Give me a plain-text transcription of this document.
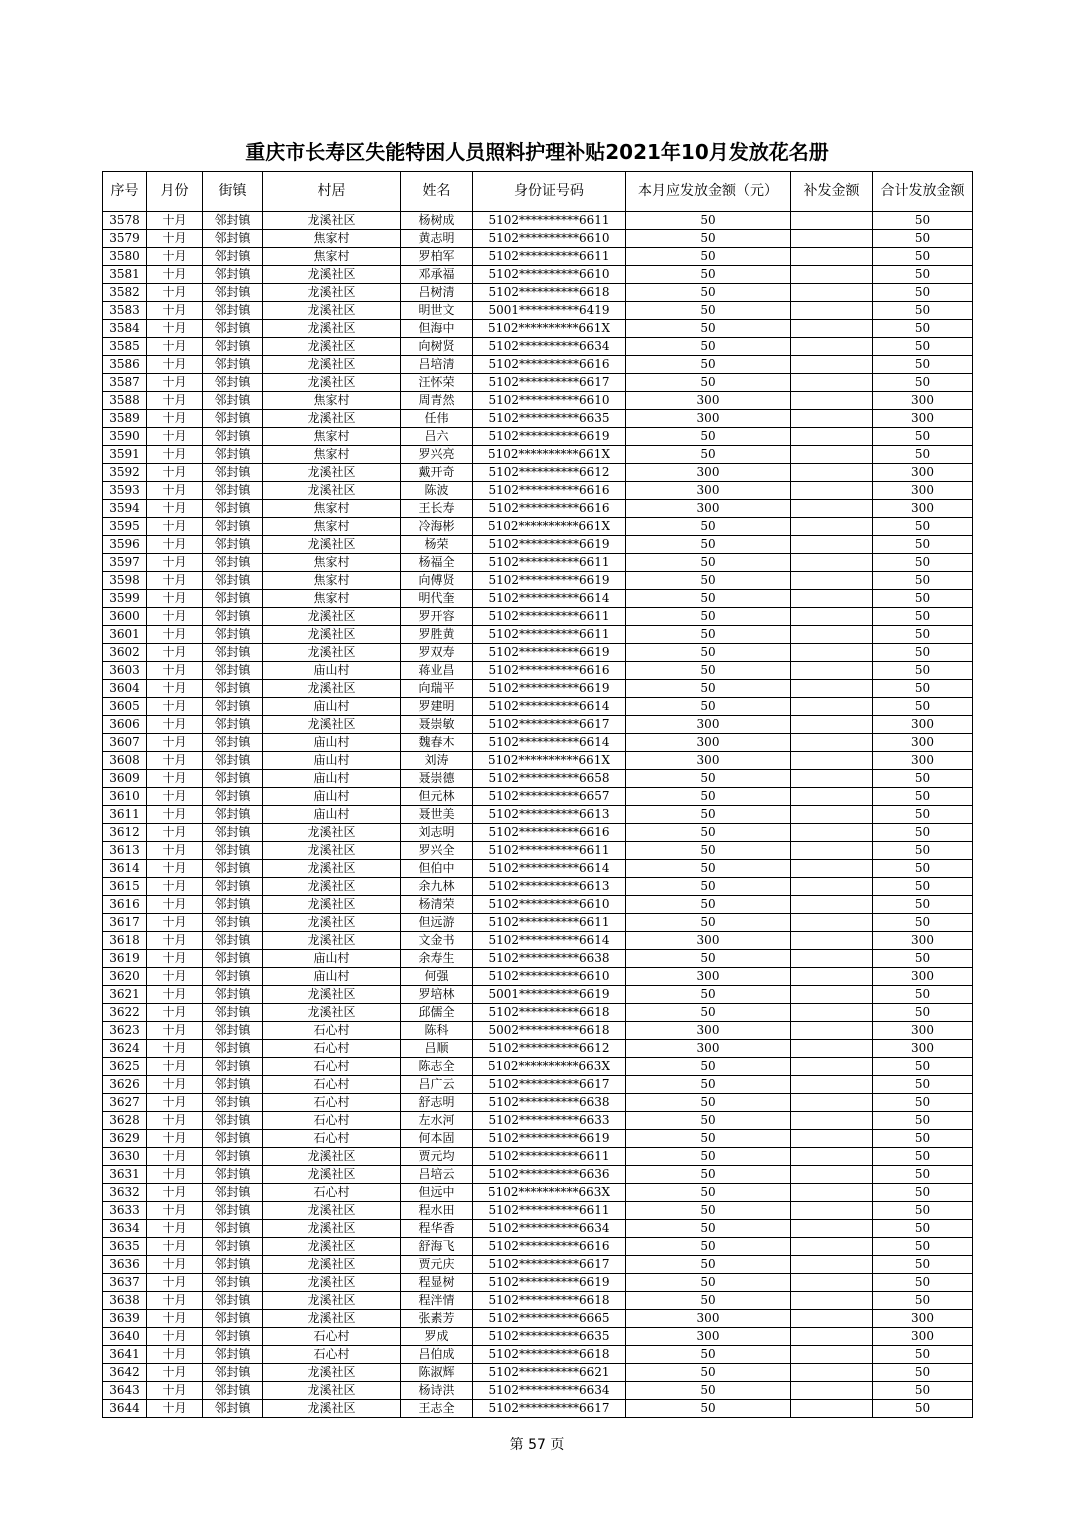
重庆市长寿区失能特困人员照料护理补贴2021年10月发放花名册
序号	月份	街镇	村居	姓名	身份证号码	本月应发放金额（元）	补发金额	合计发放金额
3578	十月	邻封镇	龙溪社区	杨树成	5102**********6611	50		50
3579	十月	邻封镇	焦家村	黄志明	5102**********6610	50		50
3580	十月	邻封镇	焦家村	罗柏军	5102**********6611	50		50
3581	十月	邻封镇	龙溪社区	邓承福	5102**********6610	50		50
3582	十月	邻封镇	龙溪社区	吕树清	5102**********6618	50		50
3583	十月	邻封镇	龙溪社区	明世文	5001**********6419	50		50
3584	十月	邻封镇	龙溪社区	但海中	5102**********661X	50		50
3585	十月	邻封镇	龙溪社区	向树贤	5102**********6634	50		50
3586	十月	邻封镇	龙溪社区	吕培清	5102**********6616	50		50
3587	十月	邻封镇	龙溪社区	汪怀荣	5102**********6617	50		50
3588	十月	邻封镇	焦家村	周青然	5102**********6610	300		300
3589	十月	邻封镇	龙溪社区	任伟	5102**********6635	300		300
3590	十月	邻封镇	焦家村	吕六	5102**********6619	50		50
3591	十月	邻封镇	焦家村	罗兴亮	5102**********661X	50		50
3592	十月	邻封镇	龙溪社区	戴开奇	5102**********6612	300		300
3593	十月	邻封镇	龙溪社区	陈波	5102**********6616	300		300
3594	十月	邻封镇	焦家村	王长寿	5102**********6616	300		300
3595	十月	邻封镇	焦家村	冷海彬	5102**********661X	50		50
3596	十月	邻封镇	龙溪社区	杨荣	5102**********6619	50		50
3597	十月	邻封镇	焦家村	杨福全	5102**********6611	50		50
3598	十月	邻封镇	焦家村	向傅贤	5102**********6619	50		50
3599	十月	邻封镇	焦家村	明代奎	5102**********6614	50		50
3600	十月	邻封镇	龙溪社区	罗开容	5102**********6611	50		50
3601	十月	邻封镇	龙溪社区	罗胜黄	5102**********6611	50		50
3602	十月	邻封镇	龙溪社区	罗双寿	5102**********6619	50		50
3603	十月	邻封镇	庙山村	蒋业昌	5102**********6616	50		50
3604	十月	邻封镇	龙溪社区	向瑞平	5102**********6619	50		50
3605	十月	邻封镇	庙山村	罗建明	5102**********6614	50		50
3606	十月	邻封镇	龙溪社区	聂崇敏	5102**********6617	300		300
3607	十月	邻封镇	庙山村	魏春木	5102**********6614	300		300
3608	十月	邻封镇	庙山村	刘涛	5102**********661X	300		300
3609	十月	邻封镇	庙山村	聂崇德	5102**********6658	50		50
3610	十月	邻封镇	庙山村	但元林	5102**********6657	50		50
3611	十月	邻封镇	庙山村	聂世美	5102**********6613	50		50
3612	十月	邻封镇	龙溪社区	刘志明	5102**********6616	50		50
3613	十月	邻封镇	龙溪社区	罗兴全	5102**********6611	50		50
3614	十月	邻封镇	龙溪社区	但伯中	5102**********6614	50		50
3615	十月	邻封镇	龙溪社区	余九林	5102**********6613	50		50
3616	十月	邻封镇	龙溪社区	杨清荣	5102**********6610	50		50
3617	十月	邻封镇	龙溪社区	但远游	5102**********6611	50		50
3618	十月	邻封镇	龙溪社区	文金书	5102**********6614	300		300
3619	十月	邻封镇	庙山村	余寿生	5102**********6638	50		50
3620	十月	邻封镇	庙山村	何强	5102**********6610	300		300
3621	十月	邻封镇	龙溪社区	罗培林	5001**********6619	50		50
3622	十月	邻封镇	龙溪社区	邱儒全	5102**********6618	50		50
3623	十月	邻封镇	石心村	陈科	5002**********6618	300		300
3624	十月	邻封镇	石心村	吕顺	5102**********6612	300		300
3625	十月	邻封镇	石心村	陈志全	5102**********663X	50		50
3626	十月	邻封镇	石心村	吕广云	5102**********6617	50		50
3627	十月	邻封镇	石心村	舒志明	5102**********6638	50		50
3628	十月	邻封镇	石心村	左水河	5102**********6633	50		50
3629	十月	邻封镇	石心村	何本固	5102**********6619	50		50
3630	十月	邻封镇	龙溪社区	贾元均	5102**********6611	50		50
3631	十月	邻封镇	龙溪社区	吕培云	5102**********6636	50		50
3632	十月	邻封镇	石心村	但远中	5102**********663X	50		50
3633	十月	邻封镇	龙溪社区	程水田	5102**********6611	50		50
3634	十月	邻封镇	龙溪社区	程华香	5102**********6634	50		50
3635	十月	邻封镇	龙溪社区	舒海飞	5102**********6616	50		50
3636	十月	邻封镇	龙溪社区	贾元庆	5102**********6617	50		50
3637	十月	邻封镇	龙溪社区	程显树	5102**********6619	50		50
3638	十月	邻封镇	龙溪社区	程泮情	5102**********6618	50		50
3639	十月	邻封镇	龙溪社区	张素芳	5102**********6665	300		300
3640	十月	邻封镇	石心村	罗成	5102**********6635	300		300
3641	十月	邻封镇	石心村	吕伯成	5102**********6618	50		50
3642	十月	邻封镇	龙溪社区	陈淑辉	5102**********6621	50		50
3643	十月	邻封镇	龙溪社区	杨诗洪	5102**********6634	50		50
3644	十月	邻封镇	龙溪社区	王志全	5102**********6617	50		50
第 57 页
